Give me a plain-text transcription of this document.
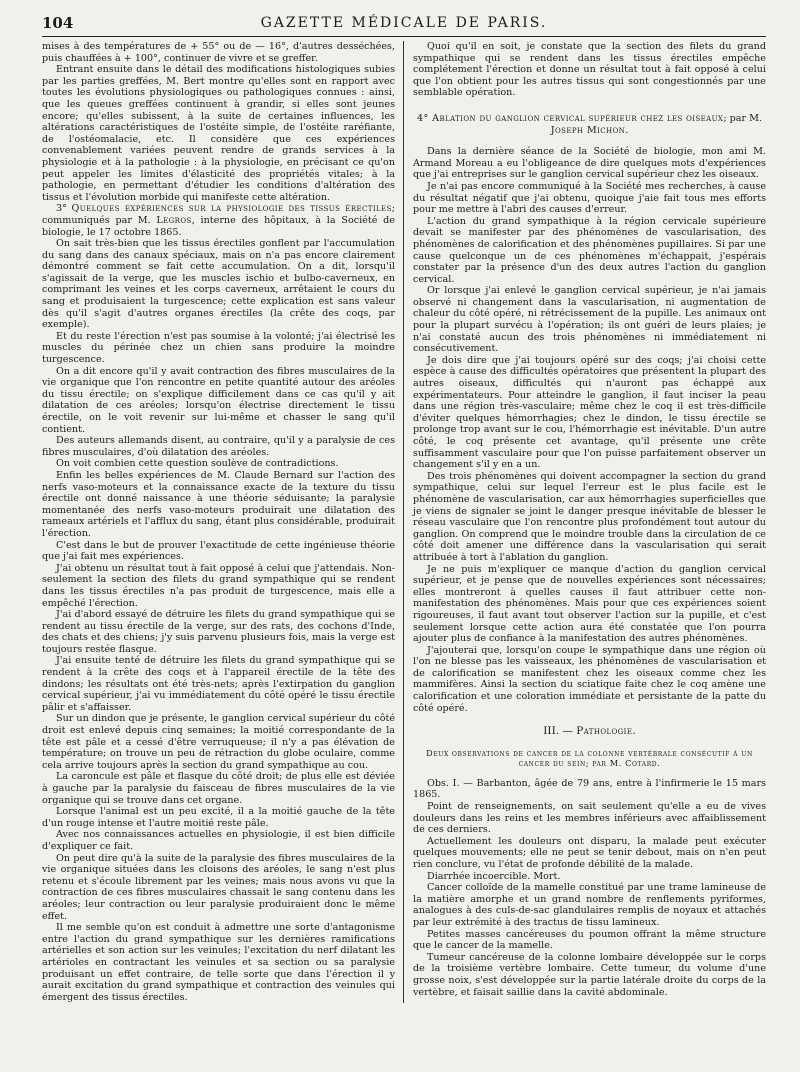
104	GAZETTE MÉDICALE DE PARIS.

mises à des températures de + 55° ou de — 16°, d'autres desséchées, puis chauffées à + 100°, continuer de vivre et se greffer.

Entrant ensuite dans le détail des modifications histologiques subies par les parties greffées, M. Bert montre qu'elles sont en rapport avec toutes les évolutions physiologiques ou pathologiques connues : ainsi, que les queues greffées continuent à grandir, si elles sont jeunes encore; qu'elles subissent, à la suite de certaines influences, les altérations caractéristiques de l'ostéite simple, de l'ostéite raréfiante, de l'ostéomalacie, etc. Il considère que ces expériences convenablement variées peuvent rendre de grands services à la physiologie et à la pathologie : à la physiologie, en précisant ce qu'on peut appeler les limites d'élasticité des propriétés vitales; à la pathologie, en permettant d'étudier les conditions d'altération des tissus et l'évolution morbide qui manifeste cette altération.

3° Quelques expériences sur la physiologie des tissus érectiles; communiqués par M. Legros, interne des hôpitaux, à la Société de biologie, le 17 octobre 1865.

On sait très-bien que les tissus érectiles gonflent par l'accumulation du sang dans des canaux spéciaux, mais on n'a pas encore clairement démontré comment se fait cette accumulation. On a dit, lorsqu'il s'agissait de la verge, que les muscles ischio et bulbo-caverneux, en comprimant les veines et les corps caverneux, arrêtaient le cours du sang et produisaient la turgescence; cette explication est sans valeur dès qu'il s'agit d'autres organes érectiles (la crête des coqs, par exemple).

Et du reste l'érection n'est pas soumise à la volonté; j'ai électrisé les muscles du périnée chez un chien sans produire la moindre turgescence.

On a dit encore qu'il y avait contraction des fibres musculaires de la vie organique que l'on rencontre en petite quantité autour des aréoles du tissu érectile; on s'explique difficilement dans ce cas qu'il y ait dilatation de ces aréoles; lorsqu'on électrise directement le tissu érectile, on le voit revenir sur lui-même et chasser le sang qu'il contient.

Des auteurs allemands disent, au contraire, qu'il y a paralysie de ces fibres musculaires, d'où dilatation des aréoles.

On voit combien cette question soulève de contradictions.

Enfin les belles expériences de M. Claude Bernard sur l'action des nerfs vaso-moteurs et la connaissance exacte de la texture du tissu érectile ont donné naissance à une théorie séduisante; la paralysie momentanée des nerfs vaso-moteurs produirait une dilatation des rameaux artériels et l'afflux du sang, étant plus considérable, produirait l'érection.

C'est dans le but de prouver l'exactitude de cette ingénieuse théorie que j'ai fait mes expériences.

J'ai obtenu un résultat tout à fait opposé à celui que j'attendais. Non-seulement la section des filets du grand sympathique qui se rendent dans les tissus érectiles n'a pas produit de turgescence, mais elle a empêché l'érection.

J'ai d'abord essayé de détruire les filets du grand sympathique qui se rendent au tissu érectile de la verge, sur des rats, des cochons d'Inde, des chats et des chiens; j'y suis parvenu plusieurs fois, mais la verge est toujours restée flasque.

J'ai ensuite tenté de détruire les filets du grand sympathique qui se rendent à la crête des coqs et à l'appareil érectile de la tête des dindons; les résultats ont été très-nets; après l'extirpation du ganglion cervical supérieur, j'ai vu immédiatement du côté opéré le tissu érectile pâlir et s'affaisser.

Sur un dindon que je présente, le ganglion cervical supérieur du côté droit est enlevé depuis cinq semaines; la moitié correspondante de la tête est pâle et a cessé d'être verruqueuse; il n'y a pas élévation de température; on trouve un peu de rétraction du globe oculaire, comme cela arrive toujours après la section du grand sympathique au cou.

La caroncule est pâle et flasque du côté droit; de plus elle est déviée à gauche par la paralysie du faisceau de fibres musculaires de la vie organique qui se trouve dans cet organe.

Lorsque l'animal est un peu excité, il a la moitié gauche de la tête d'un rouge intense et l'autre moitié reste pâle.

Avec nos connaissances actuelles en physiologie, il est bien difficile d'expliquer ce fait.

On peut dire qu'à la suite de la paralysie des fibres musculaires de la vie organique situées dans les cloisons des aréoles, le sang n'est plus retenu et s'écoule librement par les veines; mais nous avons vu que la contraction de ces fibres musculaires chassait le sang contenu dans les aréoles; leur contraction ou leur paralysie produiraient donc le même effet.

Il me semble qu'on est conduit à admettre une sorte d'antagonisme entre l'action du grand sympathique sur les dernières ramifications artérielles et son action sur les veinules; l'excitation du nerf dilatant les artérioles en contractant les veinules et sa section ou sa paralysie produisant un effet contraire, de telle sorte que dans l'érection il y aurait excitation du grand sympathique et contraction des veinules qui émergent des tissus érectiles.

Quoi qu'il en soit, je constate que la section des filets du grand sympathique qui se rendent dans les tissus érectiles empêche complétement l'érection et donne un résultat tout à fait opposé à celui que l'on obtient pour les autres tissus qui sont congestionnés par une semblable opération.

4° Ablation du ganglion cervical supérieur chez les oiseaux; par M. Joseph Michon.

Dans la dernière séance de la Société de biologie, mon ami M. Armand Moreau a eu l'obligeance de dire quelques mots d'expériences que j'ai entreprises sur le ganglion cervical supérieur chez les oiseaux.

Je n'ai pas encore communiqué à la Société mes recherches, à cause du résultat négatif que j'ai obtenu, quoique j'aie fait tous mes efforts pour me mettre à l'abri des causes d'erreur.

L'action du grand sympathique à la région cervicale supérieure devait se manifester par des phénomènes de vascularisation, des phénomènes de calorification et des phénomènes pupillaires. Si par une cause quelconque un de ces phénomènes m'échappait, j'espérais constater par la présence d'un des deux autres l'action du ganglion cervical.

Or lorsque j'ai enlevé le ganglion cervical supérieur, je n'ai jamais observé ni changement dans la vascularisation, ni augmentation de chaleur du côté opéré, ni rétrécissement de la pupille. Les animaux ont pour la plupart survécu à l'opération; ils ont guéri de leurs plaies; je n'ai constaté aucun des trois phénomènes ni immédiatement ni consécutivement.

Je dois dire que j'ai toujours opéré sur des coqs; j'ai choisi cette espèce à cause des difficultés opératoires que présentent la plupart des autres oiseaux, difficultés qui n'auront pas échappé aux expérimentateurs. Pour atteindre le ganglion, il faut inciser la peau dans une région très-vasculaire; même chez le coq il est très-difficile d'éviter quelques hémorrhagies; chez le dindon, le tissu érectile se prolonge trop avant sur le cou, l'hémorrhagie est inévitable. D'un autre côté, le coq présente cet avantage, qu'il présente une crête suffisamment vasculaire pour que l'on puisse parfaitement observer un changement s'il y en a un.

Des trois phénomènes qui doivent accompagner la section du grand sympathique, celui sur lequel l'erreur est le plus facile est le phénomène de vascularisation, car aux hémorrhagies superficielles que je viens de signaler se joint le danger presque inévitable de blesser le réseau vasculaire que l'on rencontre plus profondément tout autour du ganglion. On comprend que le moindre trouble dans la circulation de ce côté doit amener une différence dans la vascularisation qui serait attribuée à tort à l'ablation du ganglion.

Je ne puis m'expliquer ce manque d'action du ganglion cervical supérieur, et je pense que de nouvelles expériences sont nécessaires; elles montreront à quelles causes il faut attribuer cette non-manifestation des phénomènes. Mais pour que ces expériences soient rigoureuses, il faut avant tout observer l'action sur la pupille, et c'est seulement lorsque cette action aura été constatée que l'on pourra ajouter plus de confiance à la manifestation des autres phénomènes.

J'ajouterai que, lorsqu'on coupe le sympathique dans une région où l'on ne blesse pas les vaisseaux, les phénomènes de vascularisation et de calorification se manifestent chez les oiseaux comme chez les mammifères. Ainsi la section du sciatique faite chez le coq amène une calorification et une coloration immédiate et persistante de la patte du côté opéré.

III. — Pathologie.
Deux observations de cancer de la colonne vertébrale consécutif à un cancer du sein; par M. Cotard.

Obs. I. — Barbanton, âgée de 79 ans, entre à l'infirmerie le 15 mars 1865.

Point de renseignements, on sait seulement qu'elle a eu de vives douleurs dans les reins et les membres inférieurs avec affaiblissement de ces derniers.

Actuellement les douleurs ont disparu, la malade peut exécuter quelques mouvements; elle ne peut se tenir debout, mais on n'en peut rien conclure, vu l'état de profonde débilité de la malade.

Diarrhée incoercible. Mort.

Cancer colloïde de la mamelle constitué par une trame lamineuse de la matière amorphe et un grand nombre de renflements pyriformes, analogues à des culs-de-sac glandulaires remplis de noyaux et attachés par leur extrémité à des tractus de tissu lamineux.

Petites masses cancéreuses du poumon offrant la même structure que le cancer de la mamelle.

Tumeur cancéreuse de la colonne lombaire développée sur le corps de la troisième vertèbre lombaire. Cette tumeur, du volume d'une grosse noix, s'est développée sur la partie latérale droite du corps de la vertèbre, et faisait saillie dans la cavité abdominale.
